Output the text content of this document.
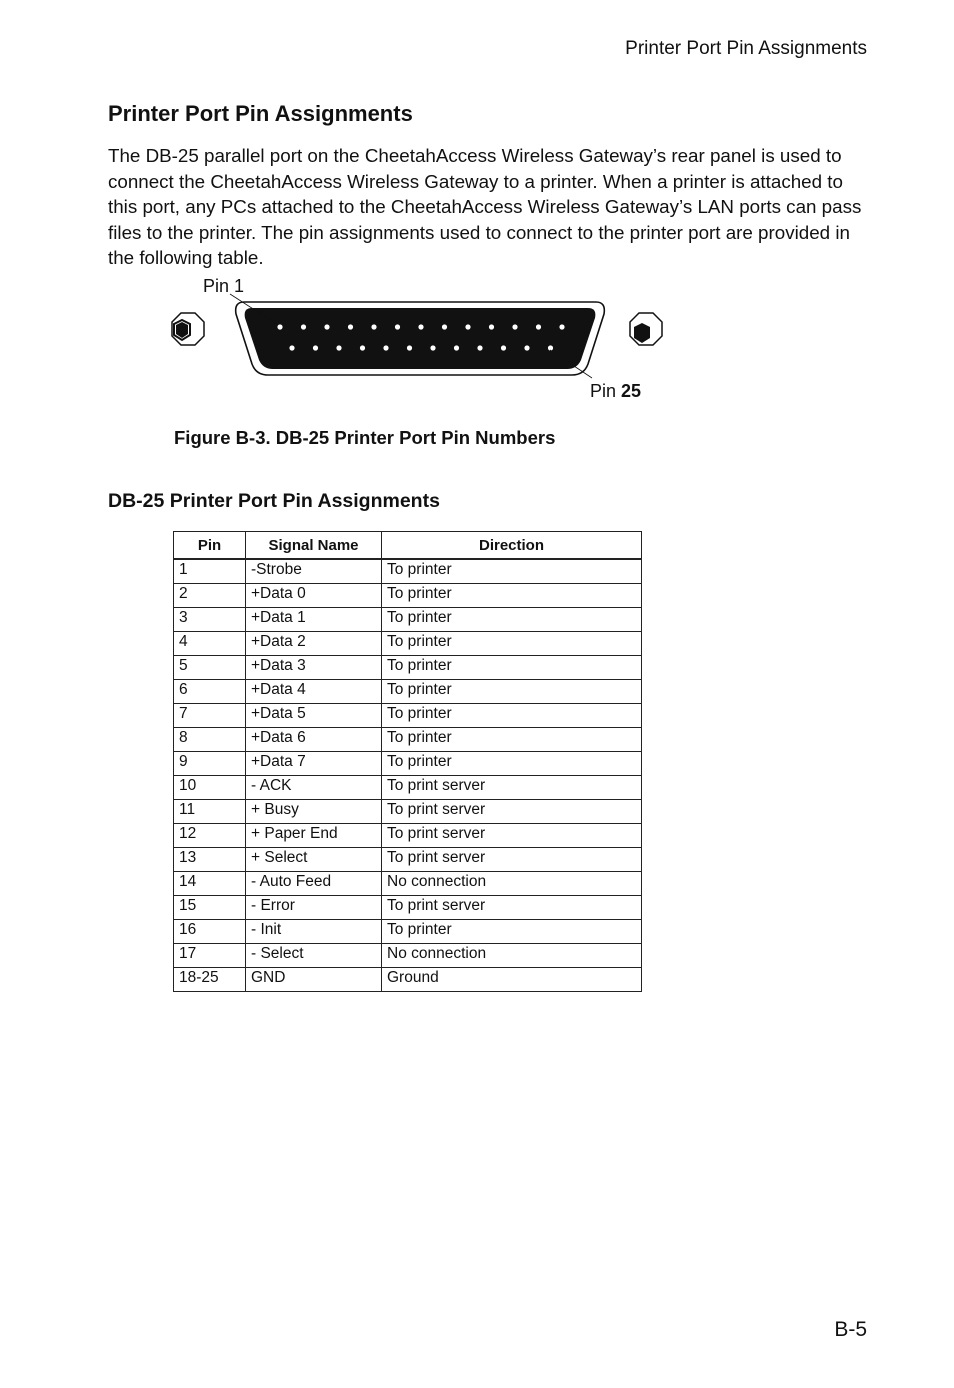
Printer Port Pin Assignments
Printer Port Pin Assignments

The DB-25 parallel port on the CheetahAccess Wireless Gateway’s rear panel is used to connect the CheetahAccess Wireless Gateway to a printer. When a printer is attached to this port, any PCs attached to the CheetahAccess Wireless Gateway’s LAN ports can pass files to the printer. The pin assignments used to connect to the printer port are provided in the following table.

Pin 1
Pin 25
Figure B-3. DB-25 Printer Port Pin Numbers
DB-25 Printer Port Pin Assignments
Pin	Signal Name	Direction
1	-Strobe	To printer
2	+Data 0	To printer
3	+Data 1	To printer
4	+Data 2	To printer
5	+Data 3	To printer
6	+Data 4	To printer
7	+Data 5	To printer
8	+Data 6	To printer
9	+Data 7	To printer
10	- ACK	To print server
11	+ Busy	To print server
12	+ Paper End	To print server
13	+ Select	To print server
14	- Auto Feed	No connection
15	- Error	To print server
16	- Init	To printer
17	- Select	No connection
18-25	GND	Ground
B-5
